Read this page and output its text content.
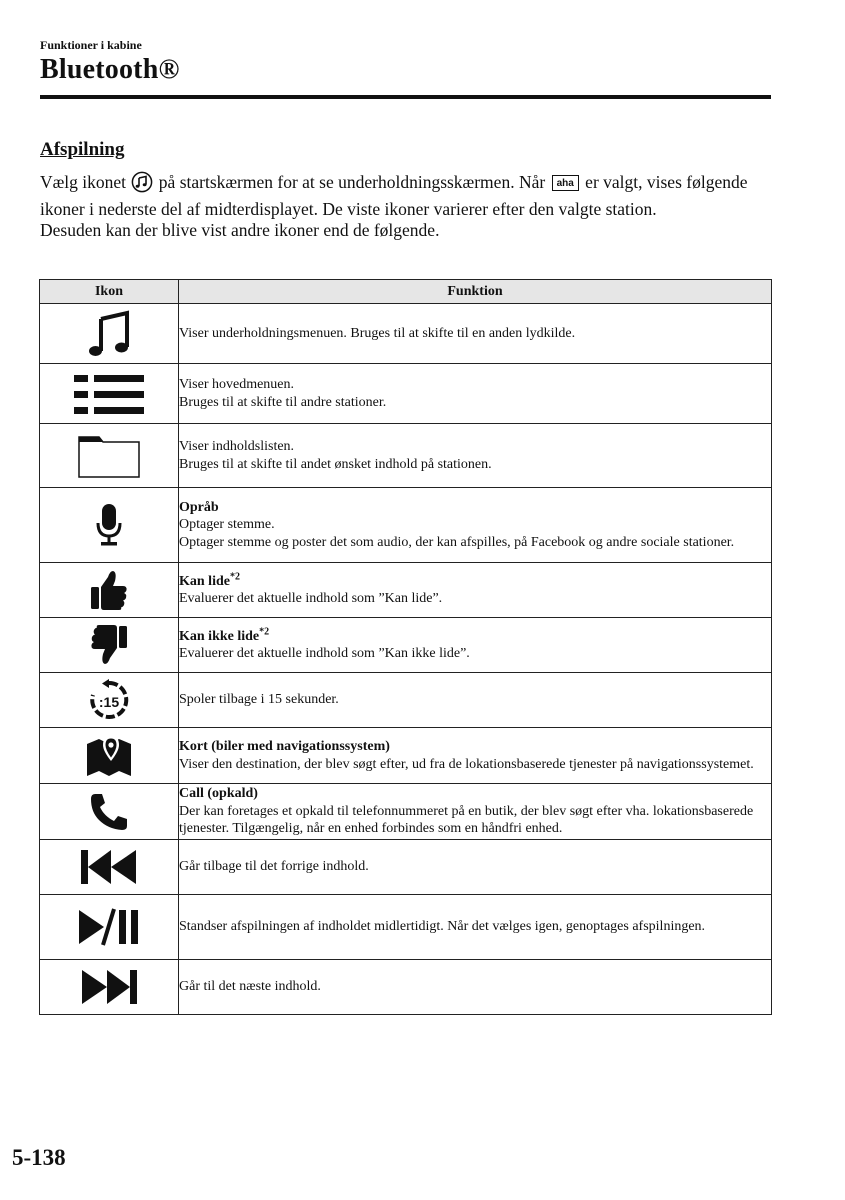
Funktioner i kabine
Bluetooth®
Afspilning

Vælg ikonet på startskærmen for at se underholdningsskærmen. Når aha er valgt, vises følgende ikoner i nederste del af midterdisplayet. De viste ikoner varierer efter den valgte station.

Desuden kan der blive vist andre ikoner end de følgende.

Ikon	Funktion

Viser underholdningsmenuen. Bruges til at skifte til en anden lydkilde.

Viser hovedmenuen.
Bruges til at skifte til andre stationer.

Viser indholdslisten.
Bruges til at skifte til andet ønsket indhold på stationen.

Opråb
Optager stemme.
Optager stemme og poster det som audio, der kan afspilles, på Facebook og andre sociale stationer.

Kan lide$^{*2}$
Evaluerer det aktuelle indhold som ”Kan lide”.

Kan ikke lide$^{*2}$
Evaluerer det aktuelle indhold som ”Kan ikke lide”.

:15	Spoler tilbage i 15 sekunder.

Kort (biler med navigationssystem)
Viser den destination, der blev søgt efter, ud fra de lokationsbaserede tjenester på navigationssystemet.

Call (opkald)
Der kan foretages et opkald til telefonnummeret på en butik, der blev søgt efter vha. lokationsbaserede tjenester. Tilgængelig, når en enhed forbindes som en håndfri enhed.

Går tilbage til det forrige indhold.

Standser afspilningen af indholdet midlertidigt. Når det vælges igen, genoptages afspilningen.

Går til det næste indhold.
5-138
